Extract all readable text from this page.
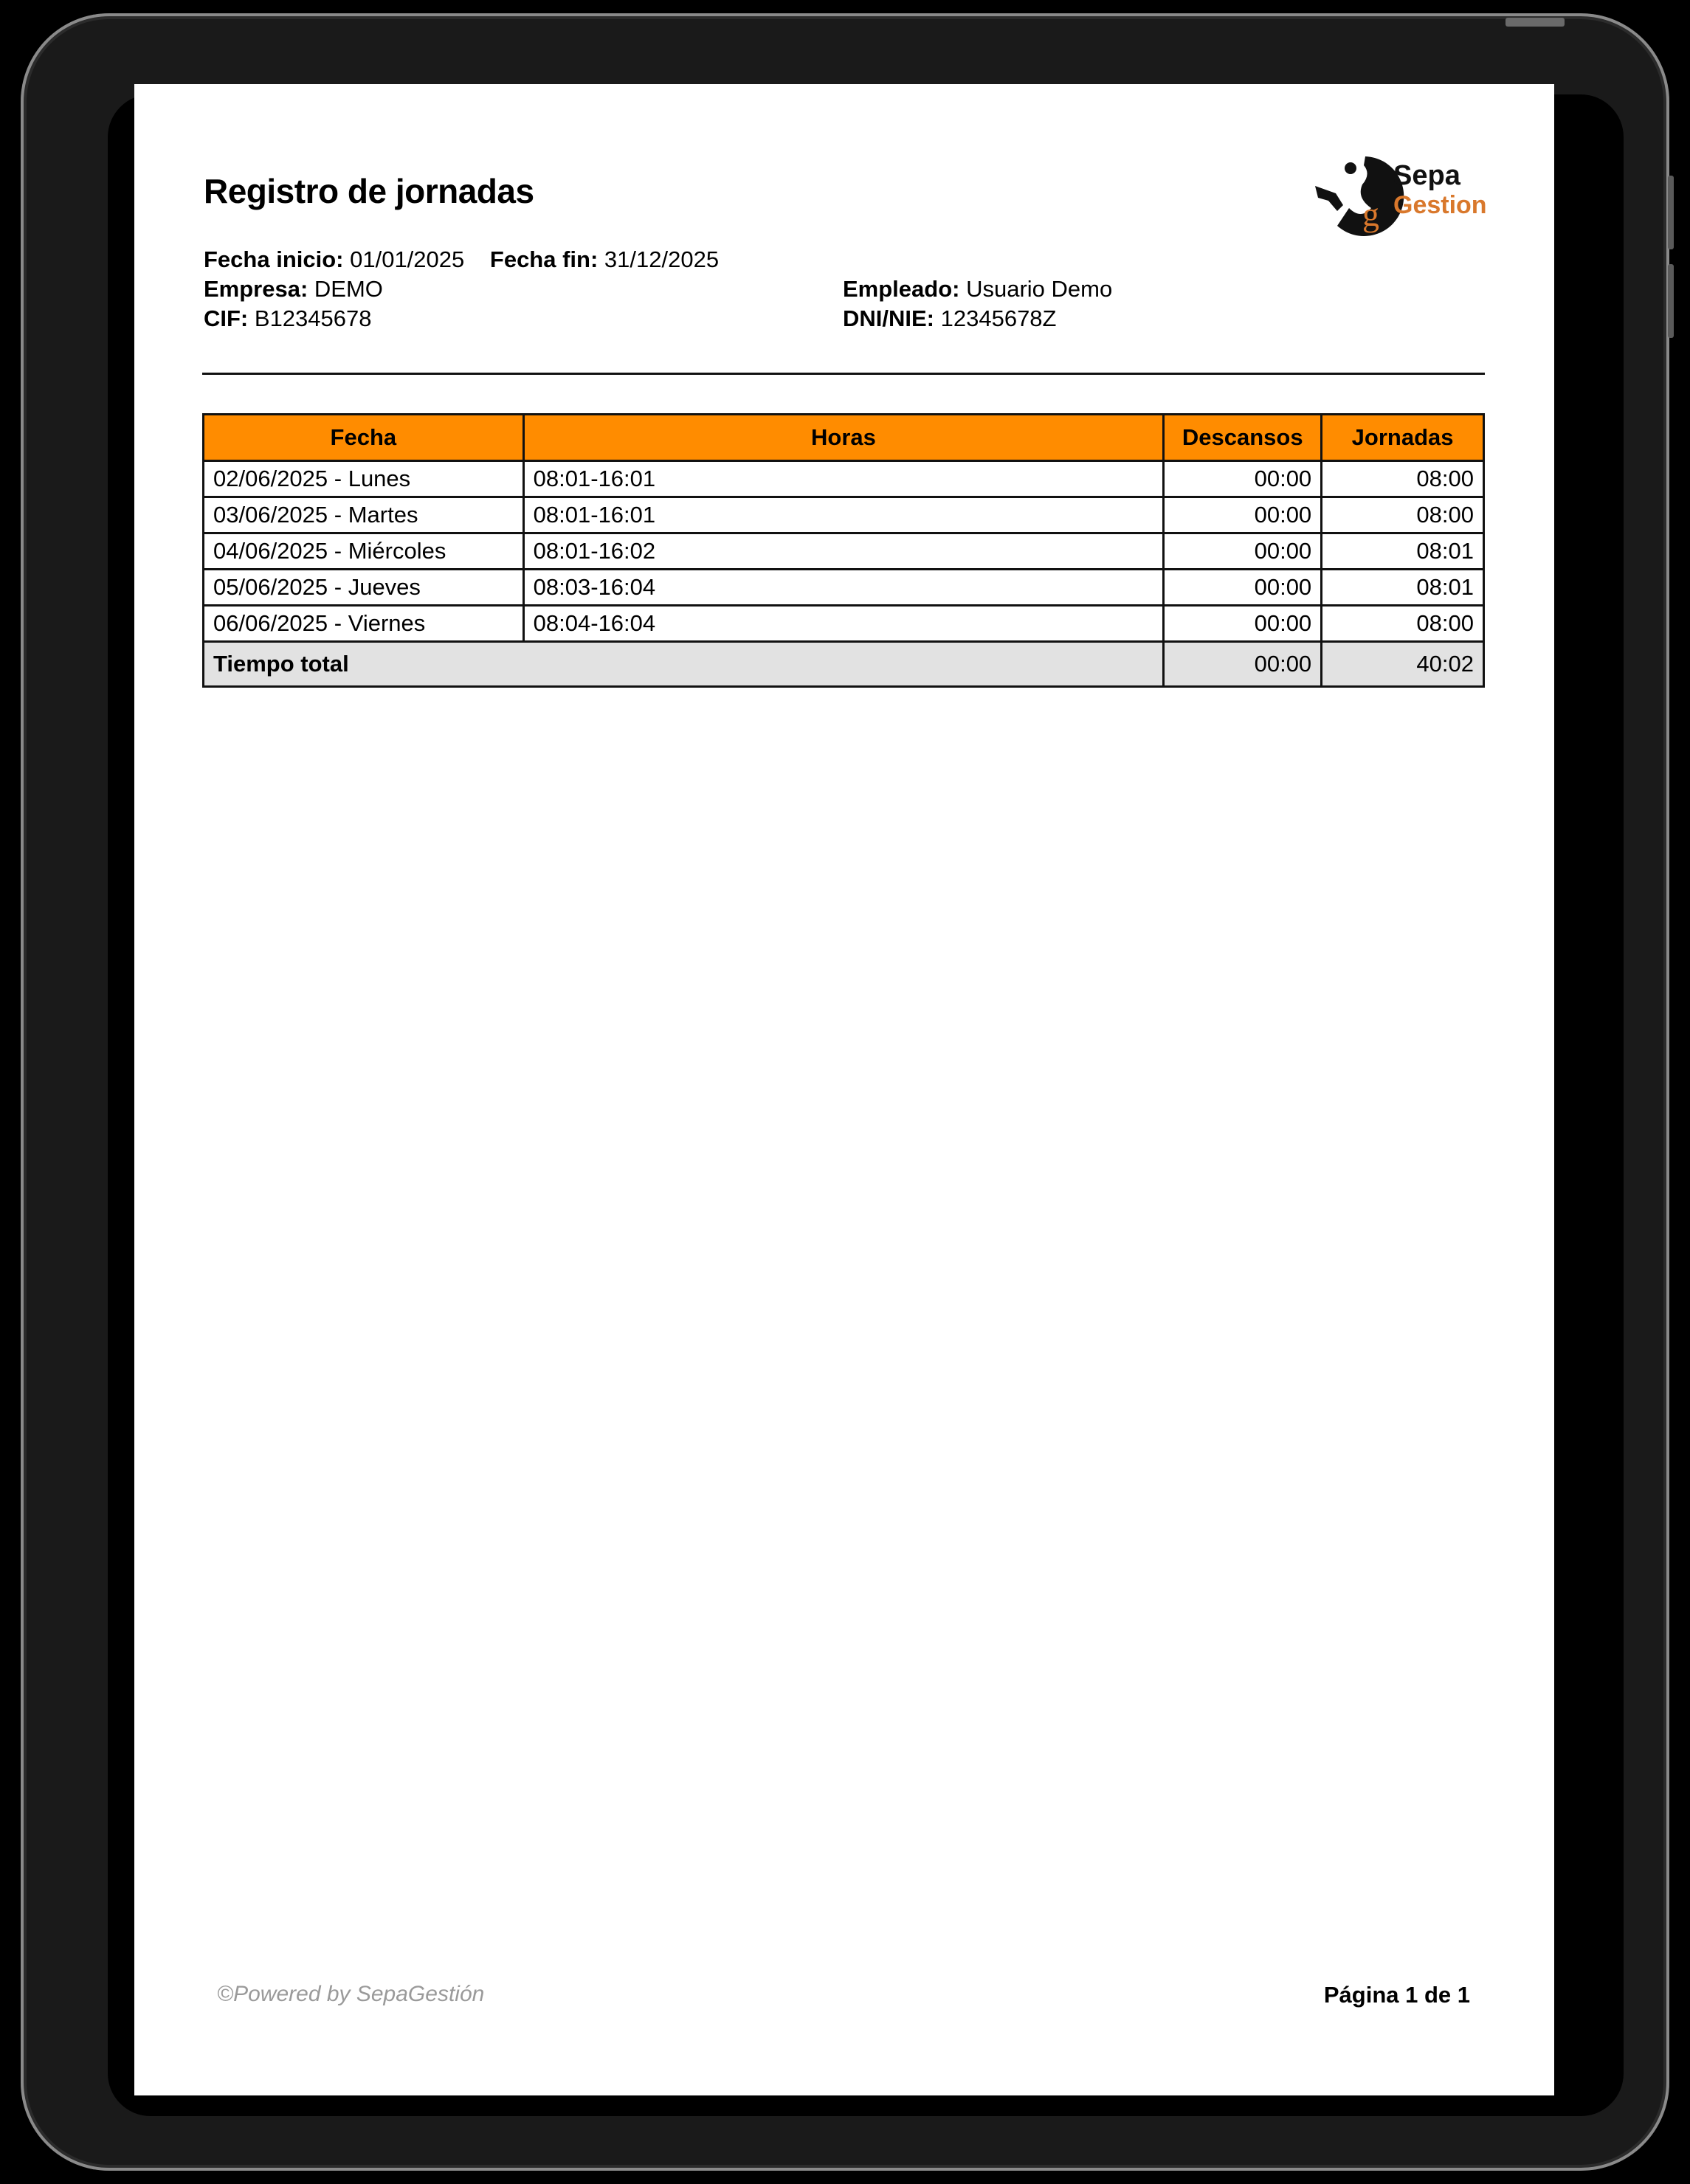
Registro de jornadas
Fecha inicio: 01/01/2025 Fecha fin: 31/12/2025
Empresa: DEMO
CIF: B12345678
Empleado: Usuario Demo
DNI/NIE: 12345678Z
g
Sepa
Gestion
Fecha	Horas	Descansos	Jornadas
02/06/2025 - Lunes	08:01-16:01	00:00	08:00
03/06/2025 - Martes	08:01-16:01	00:00	08:00
04/06/2025 - Miércoles	08:01-16:02	00:00	08:01
05/06/2025 - Jueves	08:03-16:04	00:00	08:01
06/06/2025 - Viernes	08:04-16:04	00:00	08:00
Tiempo total		00:00	40:02
©Powered by SepaGestión	Página 1 de 1
